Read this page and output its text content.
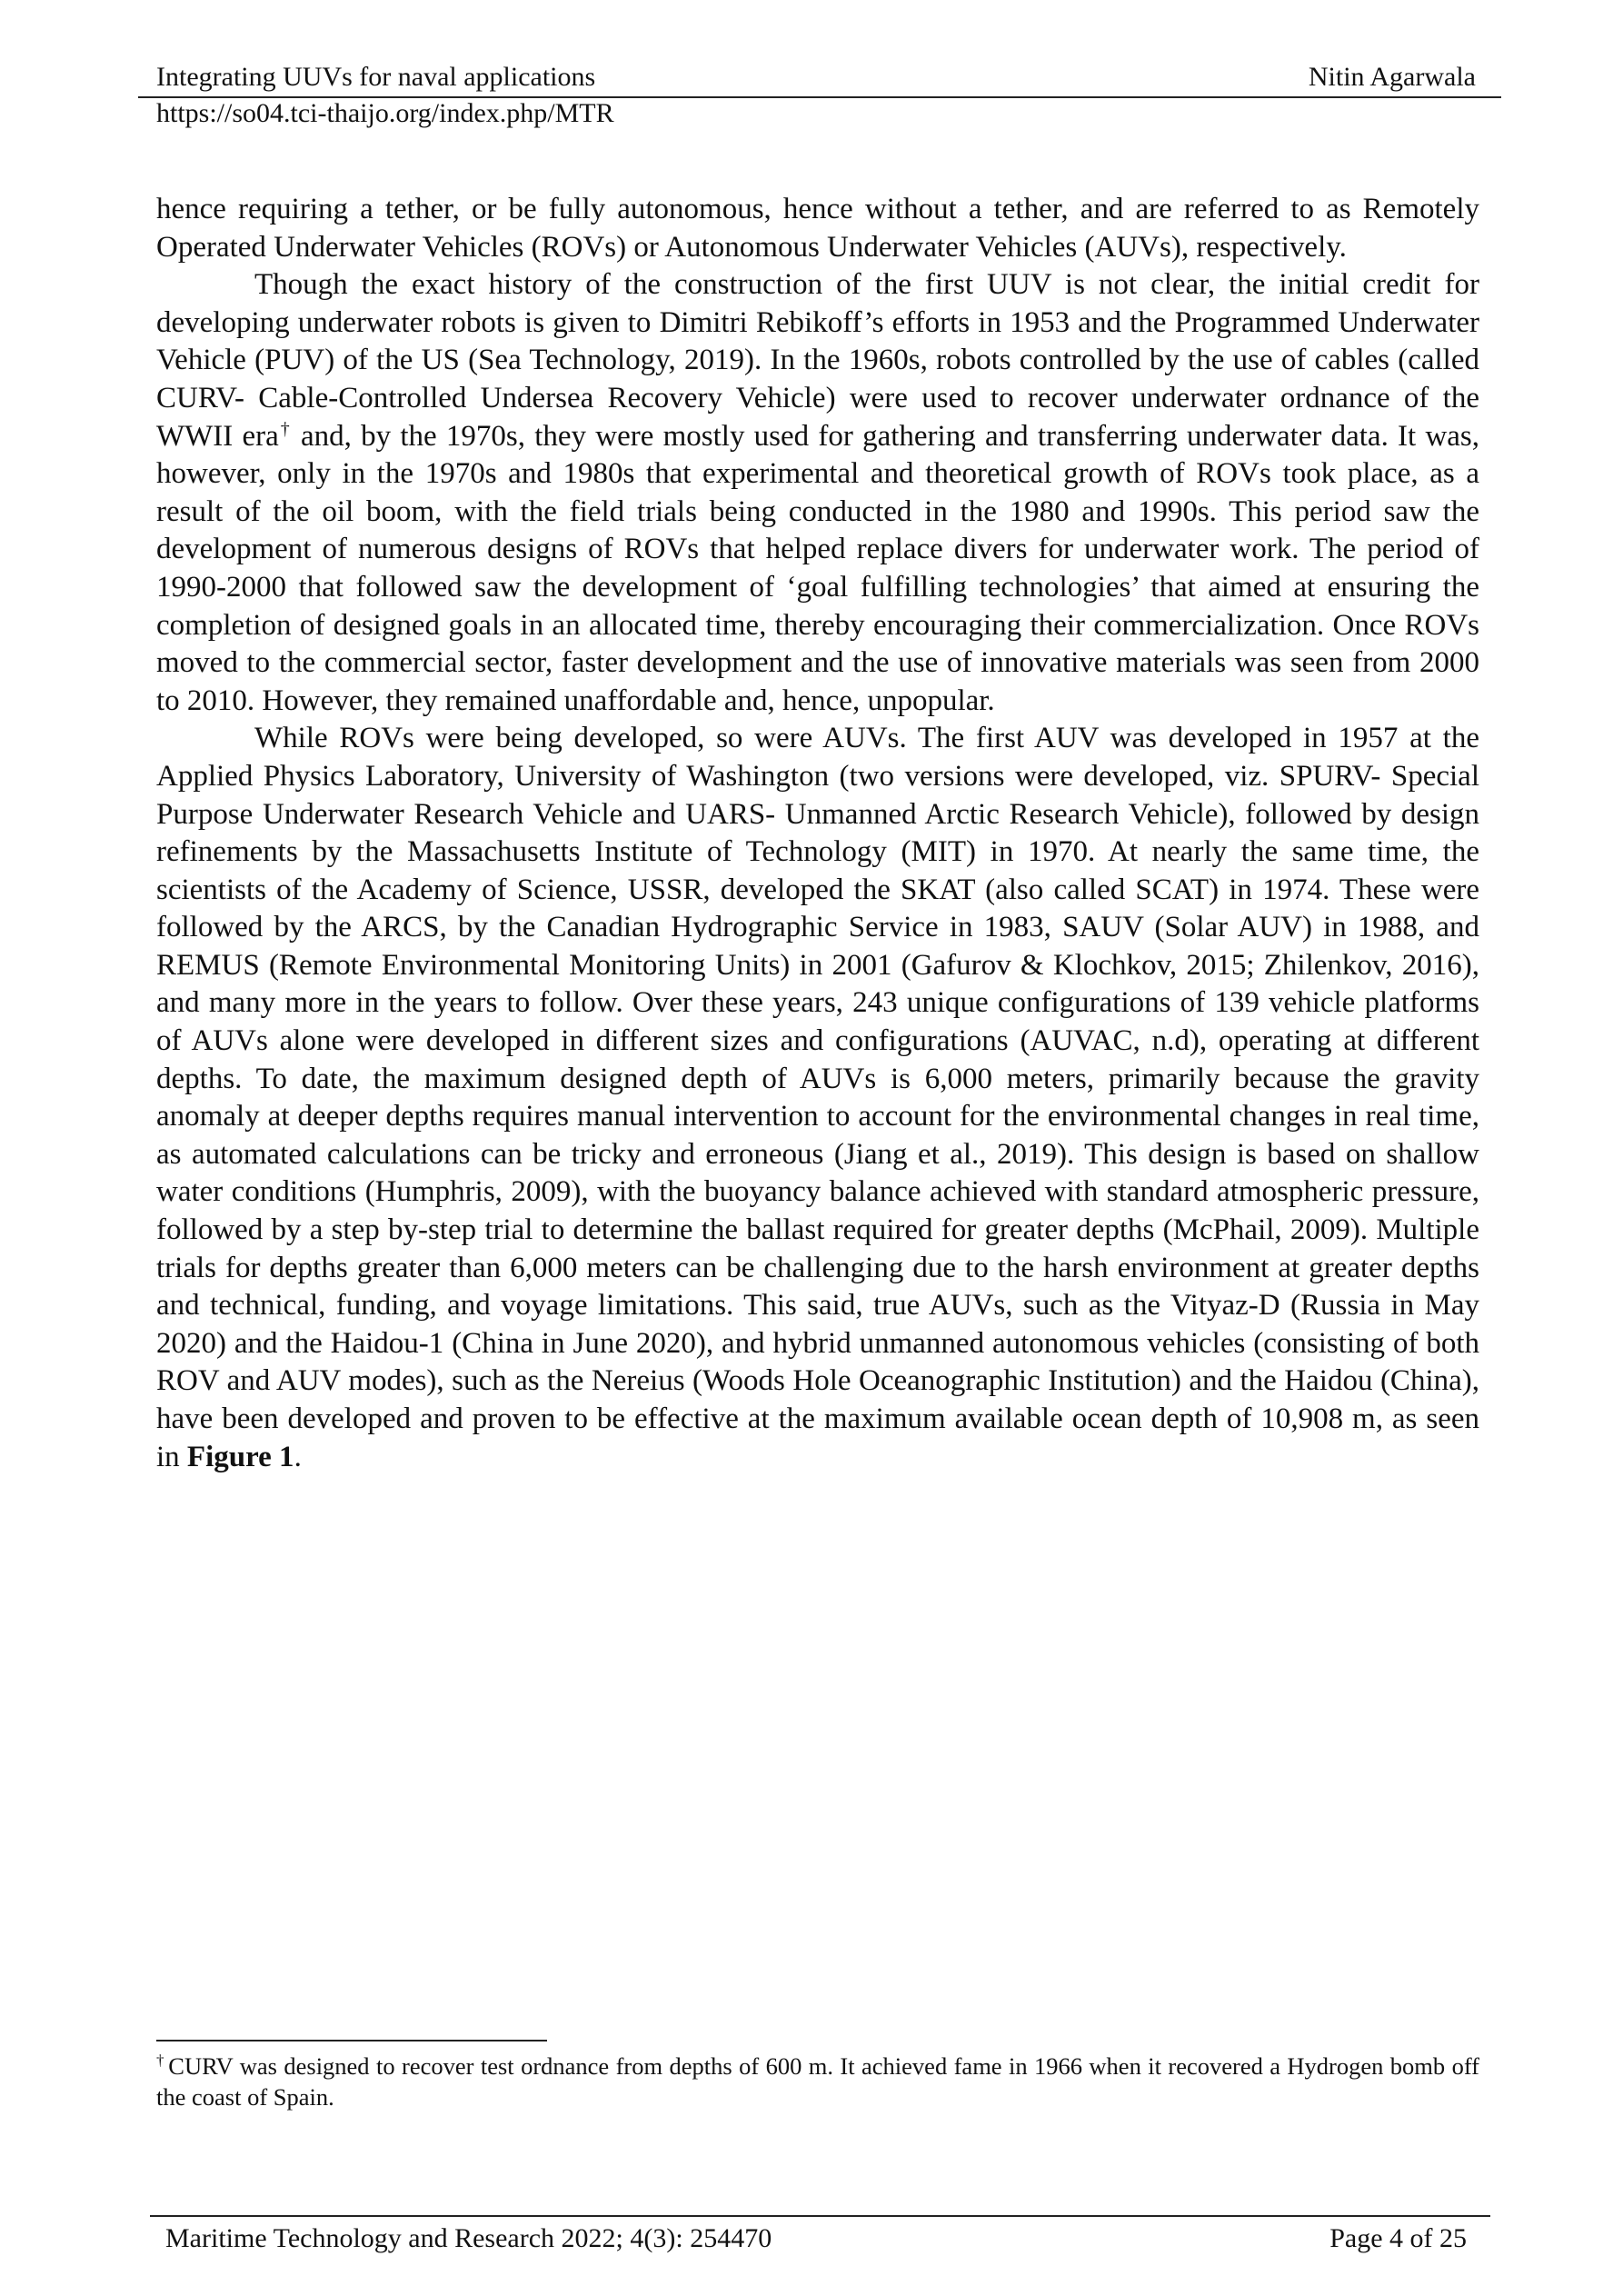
Integrating UUVs for naval applications	Nitin Agarwala
https://so04.tci-thaijo.org/index.php/MTR

hence requiring a tether, or be fully autonomous, hence without a tether, and are referred to as Remotely Operated Underwater Vehicles (ROVs) or Autonomous Underwater Vehicles (AUVs), respectively.

Though the exact history of the construction of the first UUV is not clear, the initial credit for developing underwater robots is given to Dimitri Rebikoff’s efforts in 1953 and the Programmed Underwater Vehicle (PUV) of the US (Sea Technology, 2019). In the 1960s, robots controlled by the use of cables (called CURV- Cable-Controlled Undersea Recovery Vehicle) were used to recover underwater ordnance of the WWII era† and, by the 1970s, they were mostly used for gathering and transferring underwater data. It was, however, only in the 1970s and 1980s that experimental and theoretical growth of ROVs took place, as a result of the oil boom, with the field trials being conducted in the 1980 and 1990s. This period saw the development of numerous designs of ROVs that helped replace divers for underwater work. The period of 1990-2000 that followed saw the development of ‘goal fulfilling technologies’ that aimed at ensuring the completion of designed goals in an allocated time, thereby encouraging their commercialization. Once ROVs moved to the commercial sector, faster development and the use of innovative materials was seen from 2000 to 2010. However, they remained unaffordable and, hence, unpopular.

While ROVs were being developed, so were AUVs. The first AUV was developed in 1957 at the Applied Physics Laboratory, University of Washington (two versions were developed, viz. SPURV- Special Purpose Underwater Research Vehicle and UARS- Unmanned Arctic Research Vehicle), followed by design refinements by the Massachusetts Institute of Technology (MIT) in 1970. At nearly the same time, the scientists of the Academy of Science, USSR, developed the SKAT (also called SCAT) in 1974. These were followed by the ARCS, by the Canadian Hydrographic Service in 1983, SAUV (Solar AUV) in 1988, and REMUS (Remote Environmental Monitoring Units) in 2001 (Gafurov & Klochkov, 2015; Zhilenkov, 2016), and many more in the years to follow. Over these years, 243 unique configurations of 139 vehicle platforms of AUVs alone were developed in different sizes and configurations (AUVAC, n.d), operating at different depths. To date, the maximum designed depth of AUVs is 6,000 meters, primarily because the gravity anomaly at deeper depths requires manual intervention to account for the environmental changes in real time, as automated calculations can be tricky and erroneous (Jiang et al., 2019). This design is based on shallow water conditions (Humphris, 2009), with the buoyancy balance achieved with standard atmospheric pressure, followed by a step by-step trial to determine the ballast required for greater depths (McPhail, 2009). Multiple trials for depths greater than 6,000 meters can be challenging due to the harsh environment at greater depths and technical, funding, and voyage limitations. This said, true AUVs, such as the Vityaz-D (Russia in May 2020) and the Haidou-1 (China in June 2020), and hybrid unmanned autonomous vehicles (consisting of both ROV and AUV modes), such as the Nereius (Woods Hole Oceanographic Institution) and the Haidou (China), have been developed and proven to be effective at the maximum available ocean depth of 10,908 m, as seen in Figure 1.

† CURV was designed to recover test ordnance from depths of 600 m. It achieved fame in 1966 when it recovered a Hydrogen bomb off the coast of Spain.
Maritime Technology and Research 2022; 4(3): 254470	Page 4 of 25
